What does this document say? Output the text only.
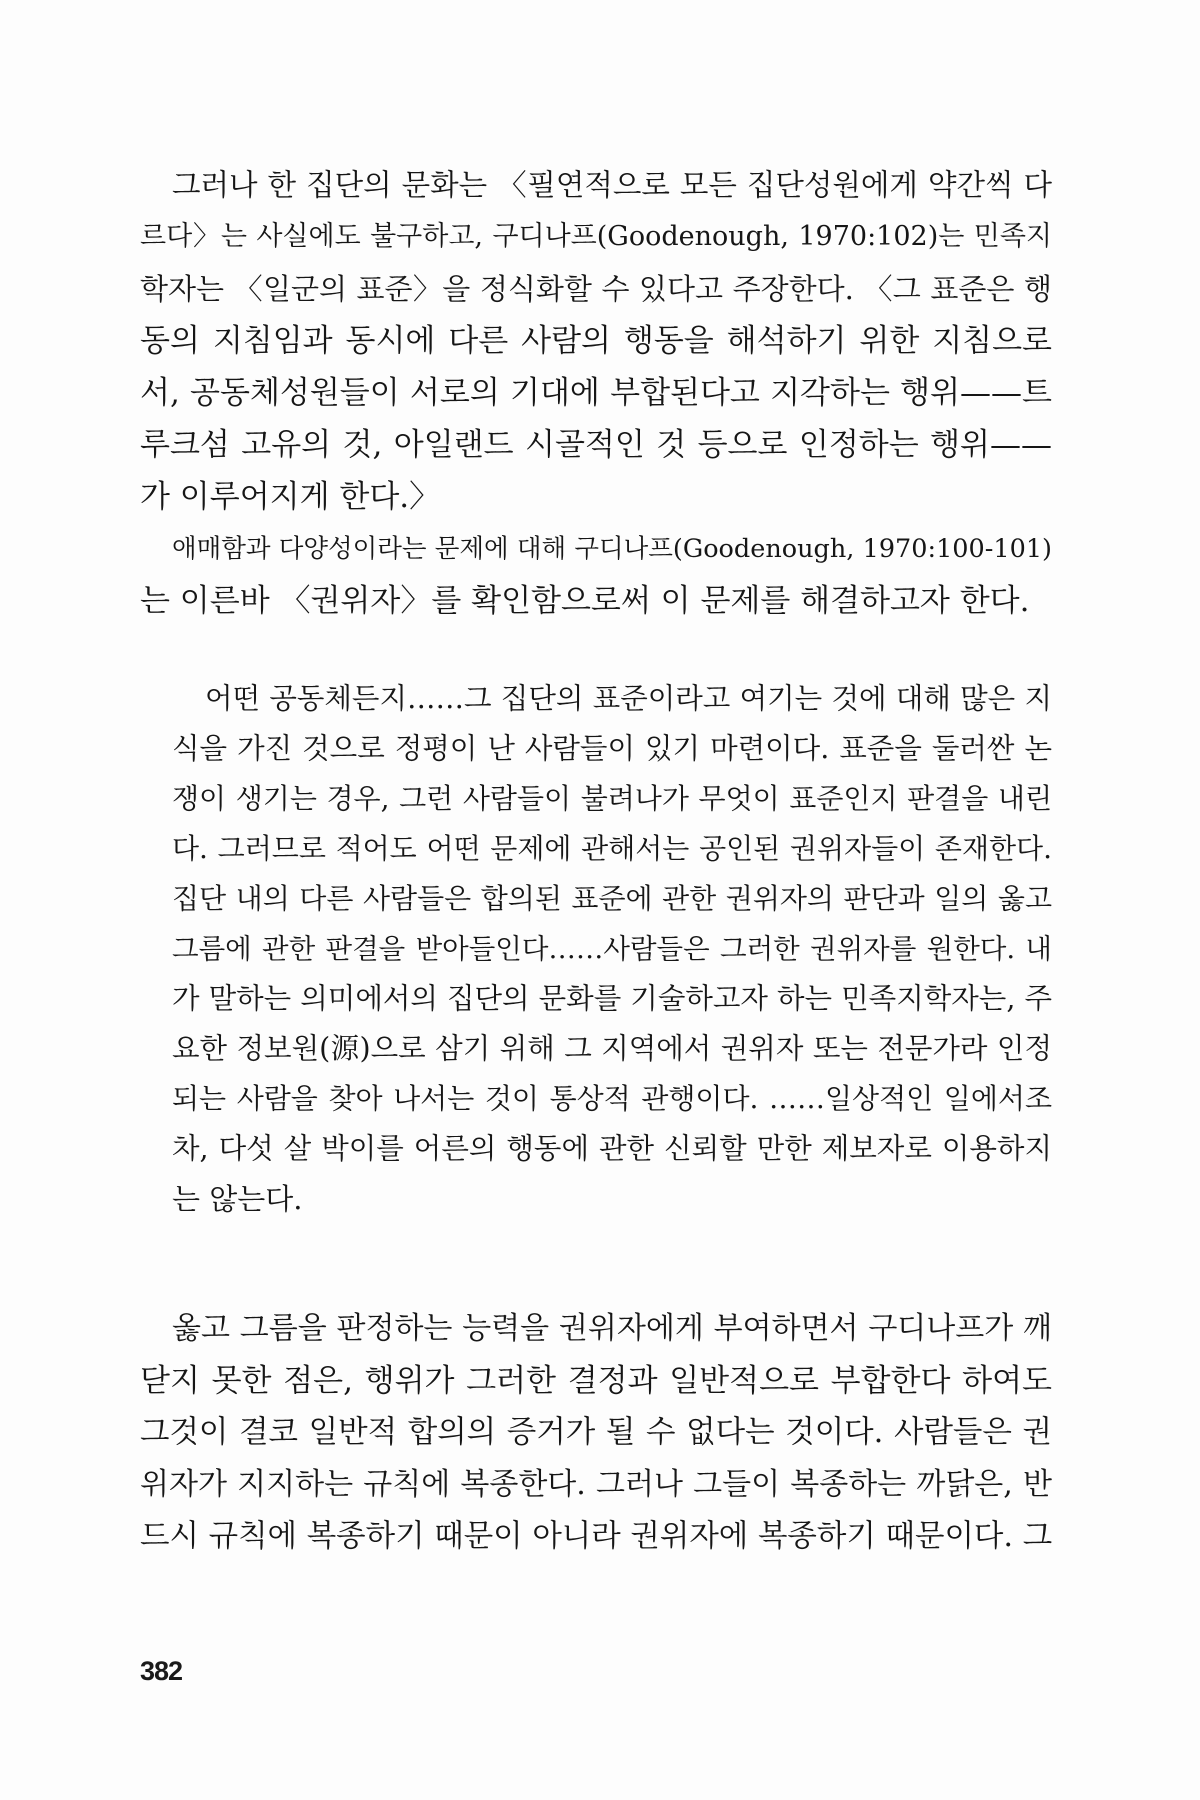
그러나 한 집단의 문화는 〈필연적으로 모든 집단성원에게 약간씩 다
르다〉는 사실에도 불구하고, 구디나프(Goodenough, 1970:102)는 민족지
학자는 〈일군의 표준〉을 정식화할 수 있다고 주장한다. 〈그 표준은 행
동의 지침임과 동시에 다른 사람의 행동을 해석하기 위한 지침으로
서, 공동체성원들이 서로의 기대에 부합된다고 지각하는 행위——트
루크섬 고유의 것, 아일랜드 시골적인 것 등으로 인정하는 행위——
가 이루어지게 한다.〉
애매함과 다양성이라는 문제에 대해 구디나프(Goodenough, 1970:100-101)
는 이른바 〈권위자〉를 확인함으로써 이 문제를 해결하고자 한다.
어떤 공동체든지……그 집단의 표준이라고 여기는 것에 대해 많은 지
식을 가진 것으로 정평이 난 사람들이 있기 마련이다. 표준을 둘러싼 논
쟁이 생기는 경우, 그런 사람들이 불려나가 무엇이 표준인지 판결을 내린
다. 그러므로 적어도 어떤 문제에 관해서는 공인된 권위자들이 존재한다.
집단 내의 다른 사람들은 합의된 표준에 관한 권위자의 판단과 일의 옳고
그름에 관한 판결을 받아들인다……사람들은 그러한 권위자를 원한다. 내
가 말하는 의미에서의 집단의 문화를 기술하고자 하는 민족지학자는, 주
요한 정보원(源)으로 삼기 위해 그 지역에서 권위자 또는 전문가라 인정
되는 사람을 찾아 나서는 것이 통상적 관행이다. ……일상적인 일에서조
차, 다섯 살 박이를 어른의 행동에 관한 신뢰할 만한 제보자로 이용하지
는 않는다.
옳고 그름을 판정하는 능력을 권위자에게 부여하면서 구디나프가 깨
닫지 못한 점은, 행위가 그러한 결정과 일반적으로 부합한다 하여도
그것이 결코 일반적 합의의 증거가 될 수 없다는 것이다. 사람들은 권
위자가 지지하는 규칙에 복종한다. 그러나 그들이 복종하는 까닭은, 반
드시 규칙에 복종하기 때문이 아니라 권위자에 복종하기 때문이다. 그
382
